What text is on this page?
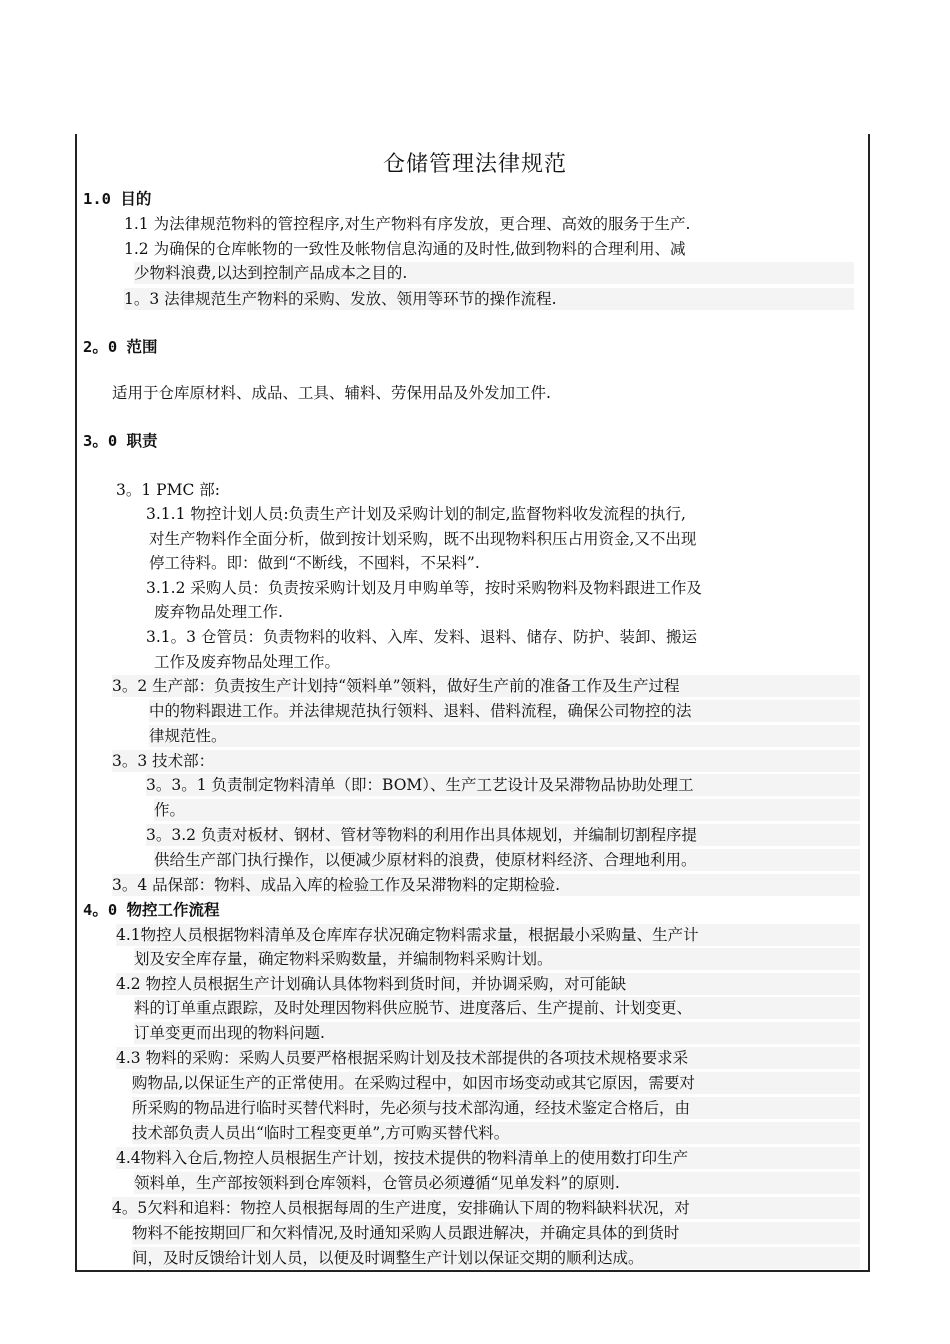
仓储管理法律规范
1.0 目的
1.1 为法律规范物料的管控程序,对生产物料有序发放，更合理、高效的服务于生产.
1.2 为确保的仓库帐物的一致性及帐物信息沟通的及时性,做到物料的合理利用、减
少物料浪费,以达到控制产品成本之目的.
1。3 法律规范生产物料的采购、发放、领用等环节的操作流程.
2。0 范围
适用于仓库原材料、成品、工具、辅料、劳保用品及外发加工件.
3。0 职责
3。1 PMC 部:
3.1.1 物控计划人员:负责生产计划及采购计划的制定,监督物料收发流程的执行,
对生产物料作全面分析，做到按计划采购，既不出现物料积压占用资金,又不出现
停工待料。即：做到“不断线，不囤料，不呆料”.
3.1.2 采购人员：负责按采购计划及月申购单等，按时采购物料及物料跟进工作及
废弃物品处理工作.
3.1。3 仓管员：负责物料的收料、入库、发料、退料、储存、防护、装卸、搬运
工作及废弃物品处理工作。
3。2 生产部：负责按生产计划持“领料单”领料，做好生产前的准备工作及生产过程
中的物料跟进工作。并法律规范执行领料、退料、借料流程，确保公司物控的法
律规范性。
3。3 技术部：
3。3。1 负责制定物料清单（即：BOM）、生产工艺设计及呆滞物品协助处理工
作。
3。3.2 负责对板材、钢材、管材等物料的利用作出具体规划，并编制切割程序提
供给生产部门执行操作，以便减少原材料的浪费，使原材料经济、合理地利用。
3。4 品保部：物料、成品入库的检验工作及呆滞物料的定期检验.
4。0 物控工作流程
4.1物控人员根据物料清单及仓库库存状况确定物料需求量，根据最小采购量、生产计
划及安全库存量，确定物料采购数量，并编制物料采购计划。
4.2 物控人员根据生产计划确认具体物料到货时间，并协调采购，对可能缺
料的订单重点跟踪，及时处理因物料供应脱节、进度落后、生产提前、计划变更、
订单变更而出现的物料问题.
4.3 物料的采购：采购人员要严格根据采购计划及技术部提供的各项技术规格要求采
购物品,以保证生产的正常使用。在采购过程中，如因市场变动或其它原因，需要对
所采购的物品进行临时买替代料时，先必须与技术部沟通，经技术鉴定合格后，由
技术部负责人员出“临时工程变更单”,方可购买替代料。
4.4物料入仓后,物控人员根据生产计划，按技术提供的物料清单上的使用数打印生产
领料单，生产部按领料到仓库领料，仓管员必须遵循“见单发料”的原则.
4。5欠料和追料：物控人员根据每周的生产进度，安排确认下周的物料缺料状况，对
物料不能按期回厂和欠料情况,及时通知采购人员跟进解决，并确定具体的到货时
间，及时反馈给计划人员，以便及时调整生产计划以保证交期的顺利达成。
